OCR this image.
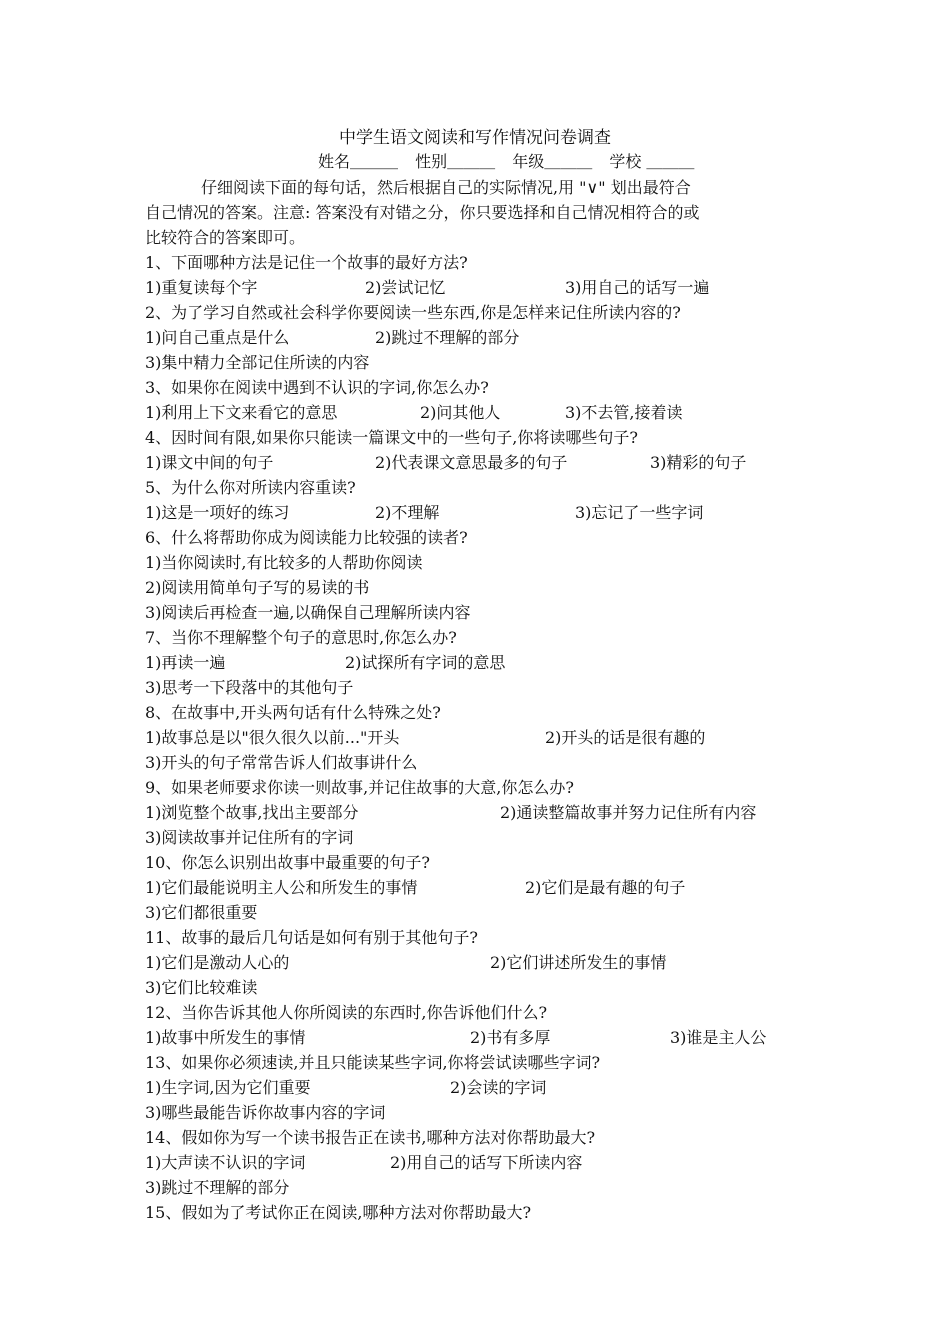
中学生语文阅读和写作情况问卷调查
姓名＿＿＿ 性别＿＿＿ 年级＿＿＿ 学校 ＿＿＿
仔细阅读下面的每句话，然后根据自己的实际情况,用 "∨" 划出最符合
自己情况的答案。注意: 答案没有对错之分，你只要选择和自己情况相符合的或
比较符合的答案即可。
1、下面哪种方法是记住一个故事的最好方法?
1)重复读每个字	2)尝试记忆	3)用自己的话写一遍
2、为了学习自然或社会科学你要阅读一些东西,你是怎样来记住所读内容的?
1)问自己重点是什么	2)跳过不理解的部分
3)集中精力全部记住所读的内容
3、如果你在阅读中遇到不认识的字词,你怎么办?
1)利用上下文来看它的意思	2)问其他人	3)不去管,接着读
4、因时间有限,如果你只能读一篇课文中的一些句子,你将读哪些句子?
1)课文中间的句子	2)代表课文意思最多的句子	3)精彩的句子
5、为什么你对所读内容重读?
1)这是一项好的练习	2)不理解	3)忘记了一些字词
6、什么将帮助你成为阅读能力比较强的读者?
1)当你阅读时,有比较多的人帮助你阅读
2)阅读用简单句子写的易读的书
3)阅读后再检查一遍,以确保自己理解所读内容
7、当你不理解整个句子的意思时,你怎么办?
1)再读一遍	2)试探所有字词的意思
3)思考一下段落中的其他句子
8、在故事中,开头两句话有什么特殊之处?
1)故事总是以"很久很久以前..."开头	2)开头的话是很有趣的
3)开头的句子常常告诉人们故事讲什么
9、如果老师要求你读一则故事,并记住故事的大意,你怎么办?
1)浏览整个故事,找出主要部分	2)通读整篇故事并努力记住所有内容
3)阅读故事并记住所有的字词
10、你怎么识别出故事中最重要的句子?
1)它们最能说明主人公和所发生的事情	2)它们是最有趣的句子
3)它们都很重要
11、故事的最后几句话是如何有别于其他句子?
1)它们是激动人心的	2)它们讲述所发生的事情
3)它们比较难读
12、当你告诉其他人你所阅读的东西时,你告诉他们什么?
1)故事中所发生的事情	2)书有多厚	3)谁是主人公
13、如果你必须速读,并且只能读某些字词,你将尝试读哪些字词?
1)生字词,因为它们重要	2)会读的字词
3)哪些最能告诉你故事内容的字词
14、假如你为写一个读书报告正在读书,哪种方法对你帮助最大?
1)大声读不认识的字词	2)用自己的话写下所读内容
3)跳过不理解的部分
15、假如为了考试你正在阅读,哪种方法对你帮助最大?
